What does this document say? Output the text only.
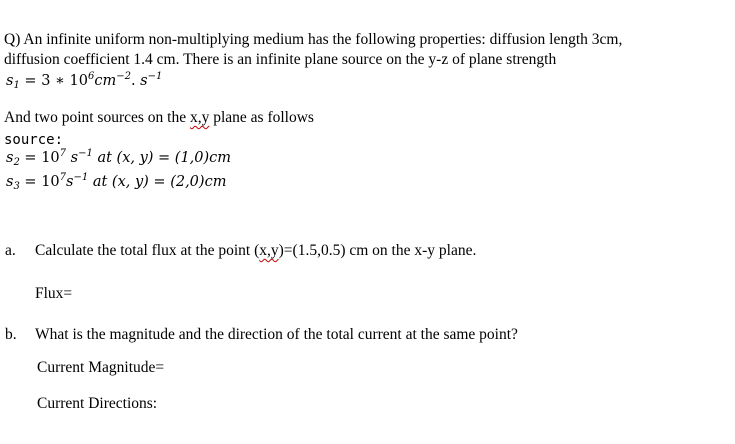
Q) An infinite uniform non-multiplying medium has the following properties: diffusion length 3cm,
diffusion coefficient 1.4 cm. There is an infinite plane source on the y-z of plane strength
$s_1 = 3$ ∗ $10^6cm^{-2}$. $s^{-1}$
And two point sources on the x,y plane as follows
source:
$s_2 = 10^7$ $s^{-1}$ at (x, y) = (1,0)cm
$s_3 = 10^7s^{-1}$ at (x, y) = (2,0)cm
a. Calculate the total flux at the point (x,y)=(1.5,0.5) cm on the x-y plane.
Flux=
b. What is the magnitude and the direction of the total current at the same point?
Current Magnitude=
Current Directions:
